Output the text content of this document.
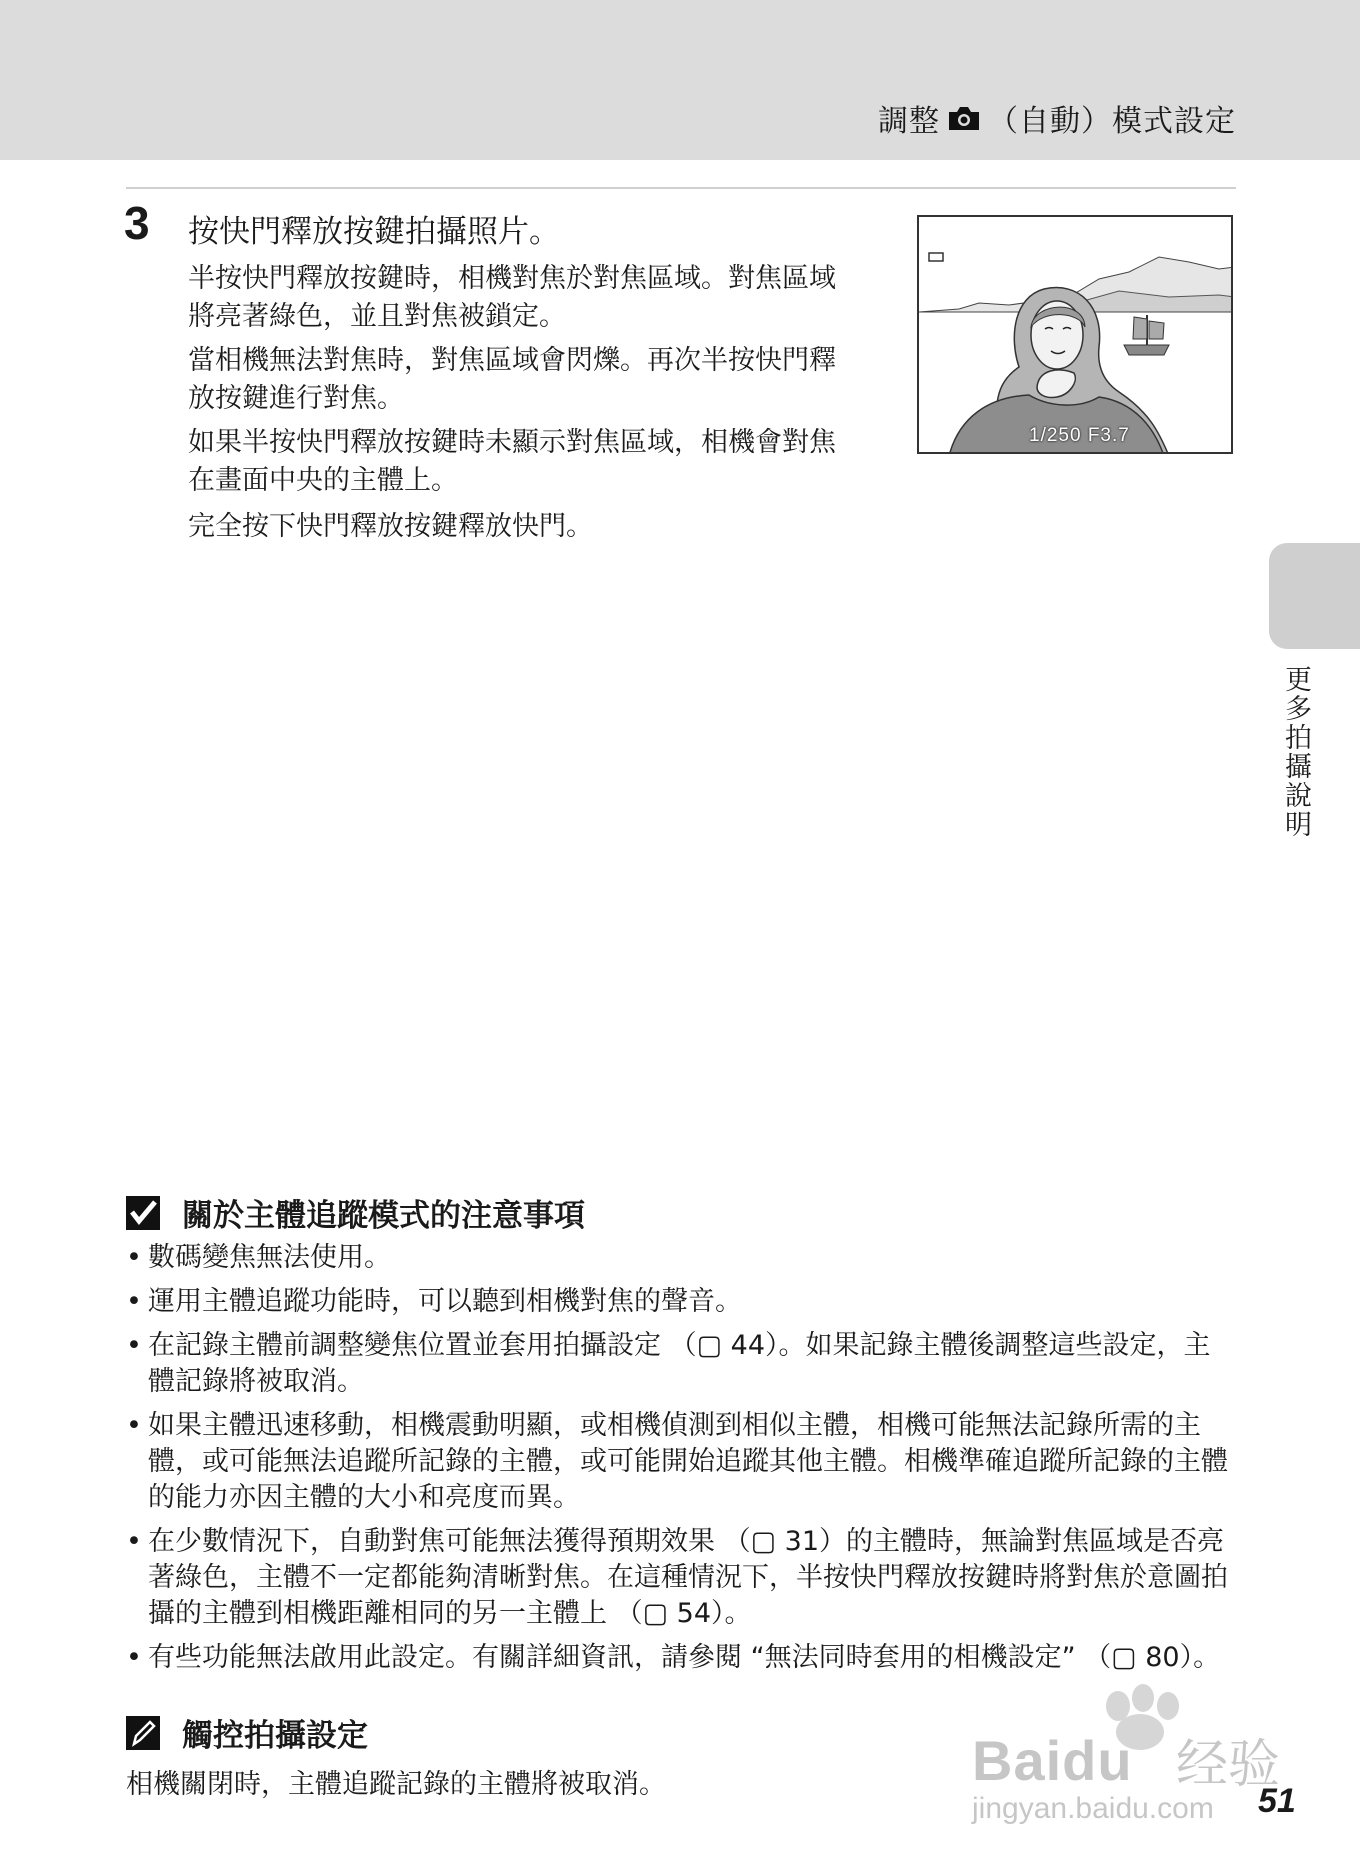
調整 （自動）模式設定
3 按快門釋放按鍵拍攝照片。
半按快門釋放按鍵時，相機對焦於對焦區域。對焦區域將亮著綠色，並且對焦被鎖定。
當相機無法對焦時，對焦區域會閃爍。再次半按快門釋放按鍵進行對焦。
如果半按快門釋放按鍵時未顯示對焦區域，相機會對焦在畫面中央的主體上。
完全按下快門釋放按鍵釋放快門。
1/250 F3.7
更多拍攝說明
關於主體追蹤模式的注意事項
• 數碼變焦無法使用。
• 運用主體追蹤功能時，可以聽到相機對焦的聲音。
• 在記錄主體前調整變焦位置並套用拍攝設定 （▢ 44）。如果記錄主體後調整這些設定，主體記錄將被取消。
• 如果主體迅速移動，相機震動明顯，或相機偵測到相似主體，相機可能無法記錄所需的主體，或可能無法追蹤所記錄的主體，或可能開始追蹤其他主體。相機準確追蹤所記錄的主體的能力亦因主體的大小和亮度而異。
• 在少數情況下，自動對焦可能無法獲得預期效果 （▢ 31）的主體時，無論對焦區域是否亮著綠色，主體不一定都能夠清晰對焦。在這種情況下，半按快門釋放按鍵時將對焦於意圖拍攝的主體到相機距離相同的另一主體上 （▢ 54）。
• 有些功能無法啟用此設定。有關詳細資訊，請參閱 “無法同時套用的相機設定” （▢ 80）。
觸控拍攝設定
相機關閉時，主體追蹤記錄的主體將被取消。	Baidu 经验
jingyan.baidu.com 51
